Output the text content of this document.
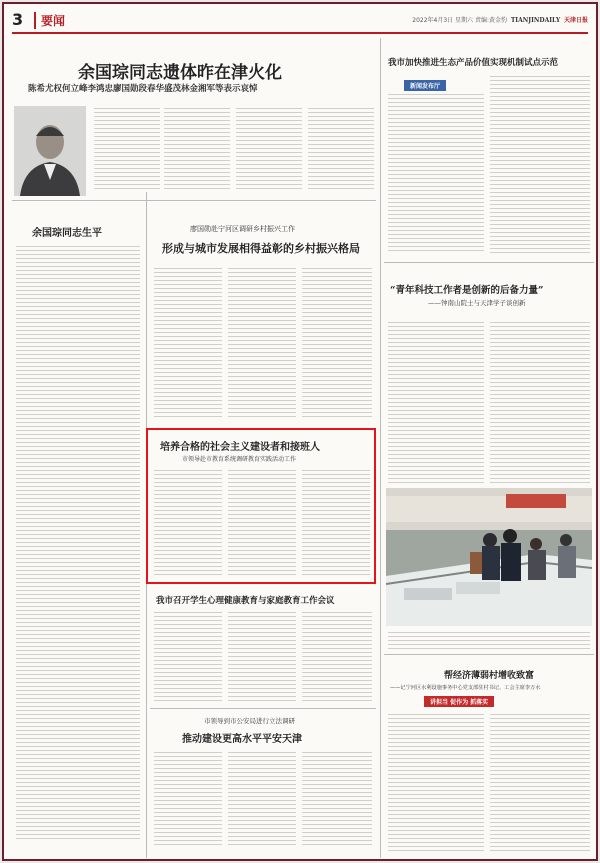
3	要闻	2022年4月3日 星期六 责编:黄金豹 TIANJINDAILY 天津日报
余国琮同志遗体昨在津火化
陈希尤权何立峰李鸿忠廖国勋段春华盛茂林金湘军等表示哀悼
余国琮同志生平	廖国勋赴宁河区调研乡村振兴工作
形成与城市发展相得益彰的乡村振兴格局
培养合格的社会主义建设者和接班人
市领导赴市教育系统调研教育实践活动工作
我市召开学生心理健康教育与家庭教育工作会议
市领导到市公安局进行立法调研
推动建设更高水平平安天津
我市加快推进生态产品价值实现机制试点示范
新闻发布厅
“青年科技工作者是创新的后备力量”
——钟南山院士与天津学子谈创新
帮经济薄弱村增收致富
——记宁河区水利设施事务中心党支部驻村书记、工会主席李万水
讲担当 促作为 抓落实
